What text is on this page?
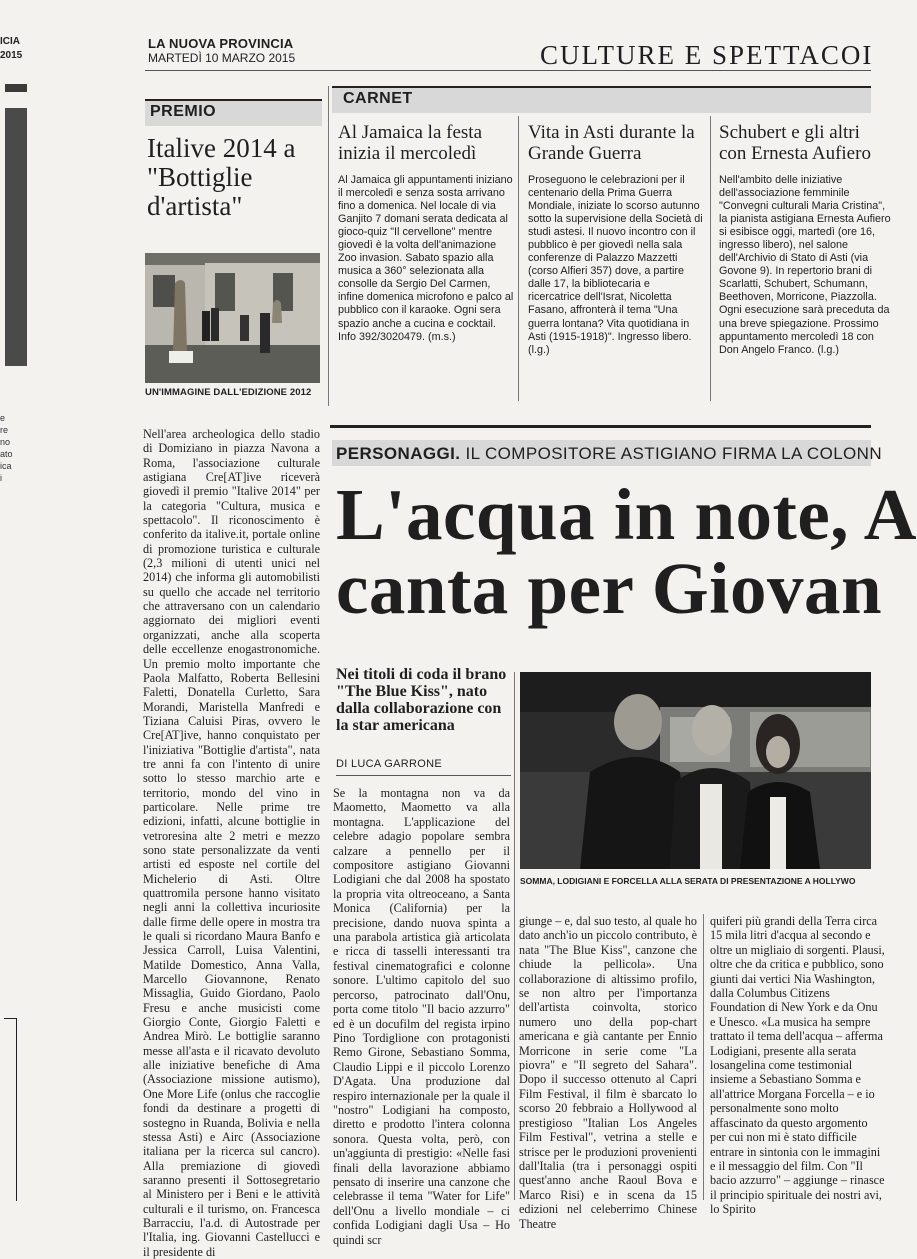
ICIA
2015
e
re
no
ato
ica
i
LA NUOVA PROVINCIA
MARTEDÌ 10 MARZO 2015	CULTURE E SPETTACOI
PREMIO
Italive 2014 a "Bottiglie d'artista"
UN'IMMAGINE DALL'EDIZIONE 2012
Nell'area archeologica dello stadio di Domiziano in piazza Navona a Roma, l'associazione culturale astigiana Cre[AT]ive riceverà giovedì il premio "Italive 2014" per la categoria "Cultura, musica e spettacolo". Il riconoscimento è conferito da italive.it, portale online di promozione turistica e culturale (2,3 milioni di utenti unici nel 2014) che informa gli automobilisti su quello che accade nel territorio che attraversano con un calendario aggiornato dei migliori eventi organizzati, anche alla scoperta delle eccellenze enogastronomiche. Un premio molto importante che Paola Malfatto, Roberta Bellesini Faletti, Donatella Curletto, Sara Morandi, Maristella Manfredi e Tiziana Caluisi Piras, ovvero le Cre[AT]ive, hanno conquistato per l'iniziativa "Bottiglie d'artista", nata tre anni fa con l'intento di unire sotto lo stesso marchio arte e territorio, mondo del vino in particolare. Nelle prime tre edizioni, infatti, alcune bottiglie in vetroresina alte 2 metri e mezzo sono state personalizzate da venti artisti ed esposte nel cortile del Michelerio di Asti. Oltre quattromila persone hanno visitato negli anni la collettiva incuriosite dalle firme delle opere in mostra tra le quali si ricordano Maura Banfo e Jessica Carroll, Luisa Valentini, Matilde Domestico, Anna Valla, Marcello Giovannone, Renato Missaglia, Guido Giordano, Paolo Fresu e anche musicisti come Giorgio Conte, Giorgio Faletti e Andrea Mirò. Le bottiglie saranno messe all'asta e il ricavato devoluto alle iniziative benefiche di Ama (Associazione missione autismo), One More Life (onlus che raccoglie fondi da destinare a progetti di sostegno in Ruanda, Bolivia e nella stessa Asti) e Airc (Associazione italiana per la ricerca sul cancro). Alla premiazione di giovedì saranno presenti il Sottosegretario al Ministero per i Beni e le attività culturali e il turismo, on. Francesca Barracciu, l'a.d. di Autostrade per l'Italia, ing. Giovanni Castellucci e il presidente di
CARNET
Al Jamaica la festa inizia il mercoledì
Al Jamaica gli appuntamenti iniziano il mercoledì e senza sosta arrivano fino a domenica. Nel locale di via Ganjito 7 domani serata dedicata al gioco-quiz "Il cervellone" mentre giovedì è la volta dell'animazione Zoo invasion. Sabato spazio alla musica a 360° selezionata alla consolle da Sergio Del Carmen, infine domenica microfono e palco al pubblico con il karaoke. Ogni sera spazio anche a cucina e cocktail. Info 392/3020479. (m.s.)
Vita in Asti durante la Grande Guerra
Proseguono le celebrazioni per il centenario della Prima Guerra Mondiale, iniziate lo scorso autunno sotto la supervisione della Società di studi astesi. Il nuovo incontro con il pubblico è per giovedì nella sala conferenze di Palazzo Mazzetti (corso Alfieri 357) dove, a partire dalle 17, la bibliotecaria e ricercatrice dell'Israt, Nicoletta Fasano, affronterà il tema "Una guerra lontana? Vita quotidiana in Asti (1915-1918)". Ingresso libero. (l.g.)
Schubert e gli altri con Ernesta Aufiero
Nell'ambito delle iniziative dell'associazione femminile "Convegni culturali Maria Cristina", la pianista astigiana Ernesta Aufiero si esibisce oggi, martedì (ore 16, ingresso libero), nel salone dell'Archivio di Stato di Asti (via Govone 9). In repertorio brani di Scarlatti, Schubert, Schumann, Beethoven, Morricone, Piazzolla. Ogni esecuzione sarà preceduta da una breve spiegazione. Prossimo appuntamento mercoledì 18 con Don Angelo Franco. (l.g.)
PERSONAGGI. IL COMPOSITORE ASTIGIANO FIRMA LA COLONN
L'acqua in note, A
canta per Giovan
Nei titoli di coda il brano "The Blue Kiss", nato dalla collaborazione con la star americana
DI LUCA GARRONE
Se la montagna non va da Maometto, Maometto va alla montagna. L'applicazione del celebre adagio popolare sembra calzare a pennello per il compositore astigiano Giovanni Lodigiani che dal 2008 ha spostato la propria vita oltreoceano, a Santa Monica (California) per la precisione, dando nuova spinta a una parabola artistica già articolata e ricca di tasselli interessanti tra festival cinematografici e colonne sonore. L'ultimo capitolo del suo percorso, patrocinato dall'Onu, porta come titolo "Il bacio azzurro" ed è un docufilm del regista irpino Pino Tordiglione con protagonisti Remo Girone, Sebastiano Somma, Claudio Lippi e il piccolo Lorenzo D'Agata. Una produzione dal respiro internazionale per la quale il "nostro" Lodigiani ha composto, diretto e prodotto l'intera colonna sonora. Questa volta, però, con un'aggiunta di prestigio: «Nelle fasi finali della lavorazione abbiamo pensato di inserire una canzone che celebrasse il tema "Water for Life" dell'Onu a livello mondiale – ci confida Lodigiani dagli Usa – Ho quindi scr
SOMMA, LODIGIANI E FORCELLA ALLA SERATA DI PRESENTAZIONE A HOLLYWO
giunge – e, dal suo testo, al quale ho dato anch'io un piccolo contributo, è nata "The Blue Kiss", canzone che chiude la pellicola». Una collaborazione di altissimo profilo, se non altro per l'importanza dell'artista coinvolta, storico numero uno della pop-chart americana e già cantante per Ennio Morricone in serie come "La piovra" e "Il segreto del Sahara". Dopo il successo ottenuto al Capri Film Festival, il film è sbarcato lo scorso 20 febbraio a Hollywood al prestigioso "Italian Los Angeles Film Festival", vetrina a stelle e strisce per le produzioni provenienti dall'Italia (tra i personaggi ospiti quest'anno anche Raoul Bova e Marco Risi) e in scena da 15 edizioni nel celeberrimo Chinese Theatre
quiferi più grandi della Terra circa 15 mila litri d'acqua al secondo e oltre un migliaio di sorgenti. Plausi, oltre che da critica e pubblico, sono giunti dai vertici Nia Washington, dalla Columbus Citizens Foundation di New York e da Onu e Unesco. «La musica ha sempre trattato il tema dell'acqua – afferma Lodigiani, presente alla serata losangelina come testimonial insieme a Sebastiano Somma e all'attrice Morgana Forcella – e io personalmente sono molto affascinato da questo argomento per cui non mi è stato difficile entrare in sintonia con le immagini e il messaggio del film. Con "Il bacio azzurro" – aggiunge – rinasce il principio spirituale dei nostri avi, lo Spirito
